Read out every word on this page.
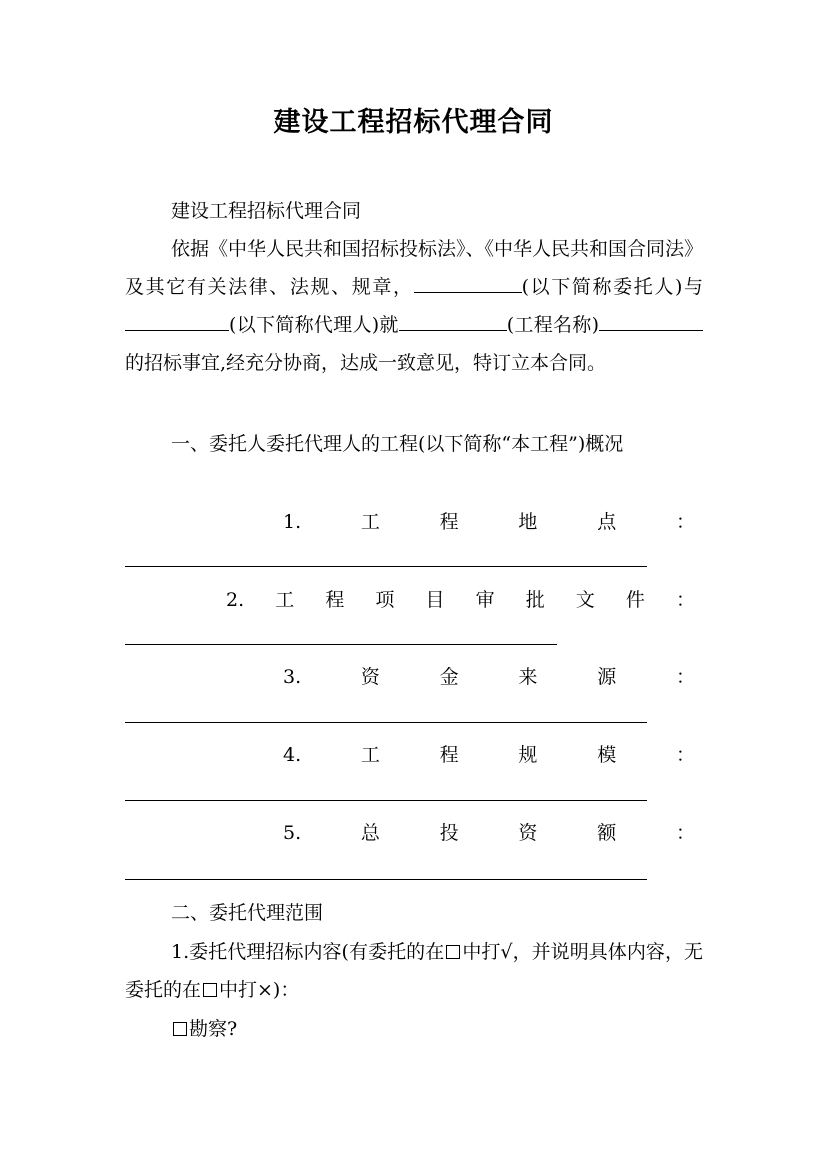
建设工程招标代理合同

建设工程招标代理合同

依据《中华人民共和国招标投标法》、《中华人民共和国合同法》及其它有关法律、法规、规章，	(以下简称委托人)与(以下简称代理人)就	(工程名称)的招标事宜,经充分协商，达成一致意见，特订立本合同。

一、委托人委托代理人的工程(以下简称“本工程”)概况

1.	工	程	地	点	：
2. 工 程 项 目 审 批 文 件 ：
3.	资	金	来	源	：
4.	工	程	规	模	：
5.	总	投	资	额	：

二、委托代理范围

1.委托代理招标内容(有委托的在 中打√，并说明具体内容，无委托的在 中打×)：

勘察?
